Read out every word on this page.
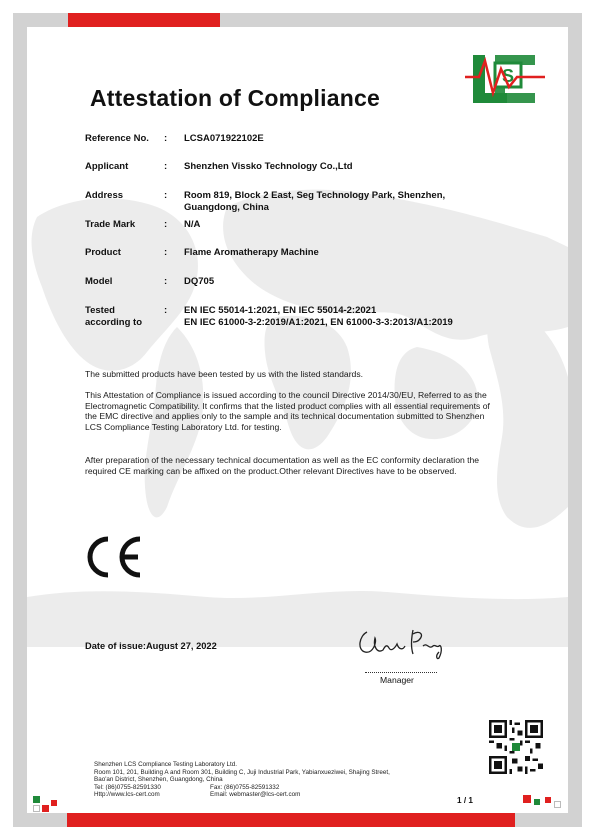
Attestation of Compliance
S
Reference No.	: LCSA071922102E
Applicant	: Shenzhen Vissko Technology Co.,Ltd
Address	: Room 819, Block 2 East, Seg Technology Park, Shenzhen, Guangdong, China
Trade Mark	: N/A
Product	: Flame Aromatherapy Machine
Model	: DQ705
Tested according to
: EN IEC 55014-1:2021, EN IEC 55014-2:2021
EN IEC 61000-3-2:2019/A1:2021, EN 61000-3-3:2013/A1:2019
The submitted products have been tested by us with the listed standards.
This Attestation of Compliance is issued according to the council Directive 2014/30/EU, Referred to as the Electromagnetic Compatibility. It confirms that the listed product complies with all essential requirements of the EMC directive and applies only to the sample and its technical documentation submitted to Shenzhen LCS Compliance Testing Laboratory Ltd. for testing.
After preparation of the necessary technical documentation as well as the EC conformity declaration the required CE marking can be affixed on the product.Other relevant Directives have to be observed.
Date of issue:August 27, 2022
Manager
Shenzhen LCS Compliance Testing Laboratory Ltd.
Room 101, 201, Building A and Room 301, Building C, Juji Industrial Park, Yabianxueziwei, Shajing Street,
Bao'an District, Shenzhen, Guangdong, China
Tel: (86)0755-82591330	Fax: (86)0755-82591332
Http://www.lcs-cert.com	Email: webmaster@lcs-cert.com
1 / 1
